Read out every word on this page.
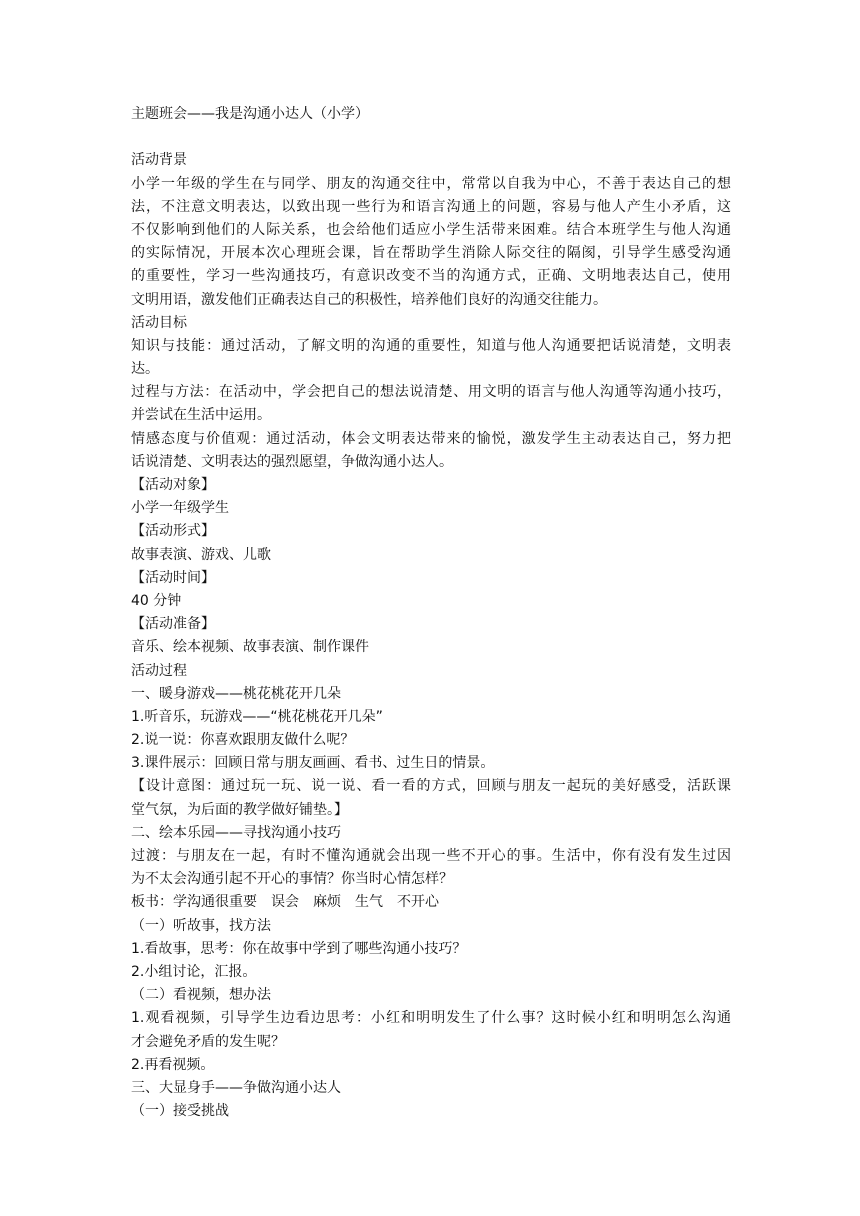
主题班会——我是沟通小达人（小学）
活动背景
小学一年级的学生在与同学、朋友的沟通交往中，常常以自我为中心，不善于表达自己的想
法，不注意文明表达，以致出现一些行为和语言沟通上的问题，容易与他人产生小矛盾，这
不仅影响到他们的人际关系，也会给他们适应小学生活带来困难。结合本班学生与他人沟通
的实际情况，开展本次心理班会课，旨在帮助学生消除人际交往的隔阂，引导学生感受沟通
的重要性，学习一些沟通技巧，有意识改变不当的沟通方式，正确、文明地表达自己，使用
文明用语，激发他们正确表达自己的积极性，培养他们良好的沟通交往能力。
活动目标
知识与技能：通过活动，了解文明的沟通的重要性，知道与他人沟通要把话说清楚，文明表
达。
过程与方法：在活动中，学会把自己的想法说清楚、用文明的语言与他人沟通等沟通小技巧，
并尝试在生活中运用。
情感态度与价值观：通过活动，体会文明表达带来的愉悦，激发学生主动表达自己，努力把
话说清楚、文明表达的强烈愿望，争做沟通小达人。
【活动对象】
小学一年级学生
【活动形式】
故事表演、游戏、儿歌
【活动时间】
40 分钟
【活动准备】
音乐、绘本视频、故事表演、制作课件
活动过程
一、暖身游戏——桃花桃花开几朵
1.听音乐，玩游戏——“桃花桃花开几朵”
2.说一说：你喜欢跟朋友做什么呢？
3.课件展示：回顾日常与朋友画画、看书、过生日的情景。
【设计意图：通过玩一玩、说一说、看一看的方式，回顾与朋友一起玩的美好感受，活跃课
堂气氛，为后面的教学做好铺垫。】
二、绘本乐园——寻找沟通小技巧
过渡：与朋友在一起，有时不懂沟通就会出现一些不开心的事。生活中，你有没有发生过因
为不太会沟通引起不开心的事情？你当时心情怎样？
板书：学沟通很重要　误会　麻烦　生气　不开心
（一）听故事，找方法
1.看故事，思考：你在故事中学到了哪些沟通小技巧？
2.小组讨论，汇报。
（二）看视频，想办法
1.观看视频，引导学生边看边思考：小红和明明发生了什么事？这时候小红和明明怎么沟通
才会避免矛盾的发生呢？
2.再看视频。
三、大显身手——争做沟通小达人
（一）接受挑战
